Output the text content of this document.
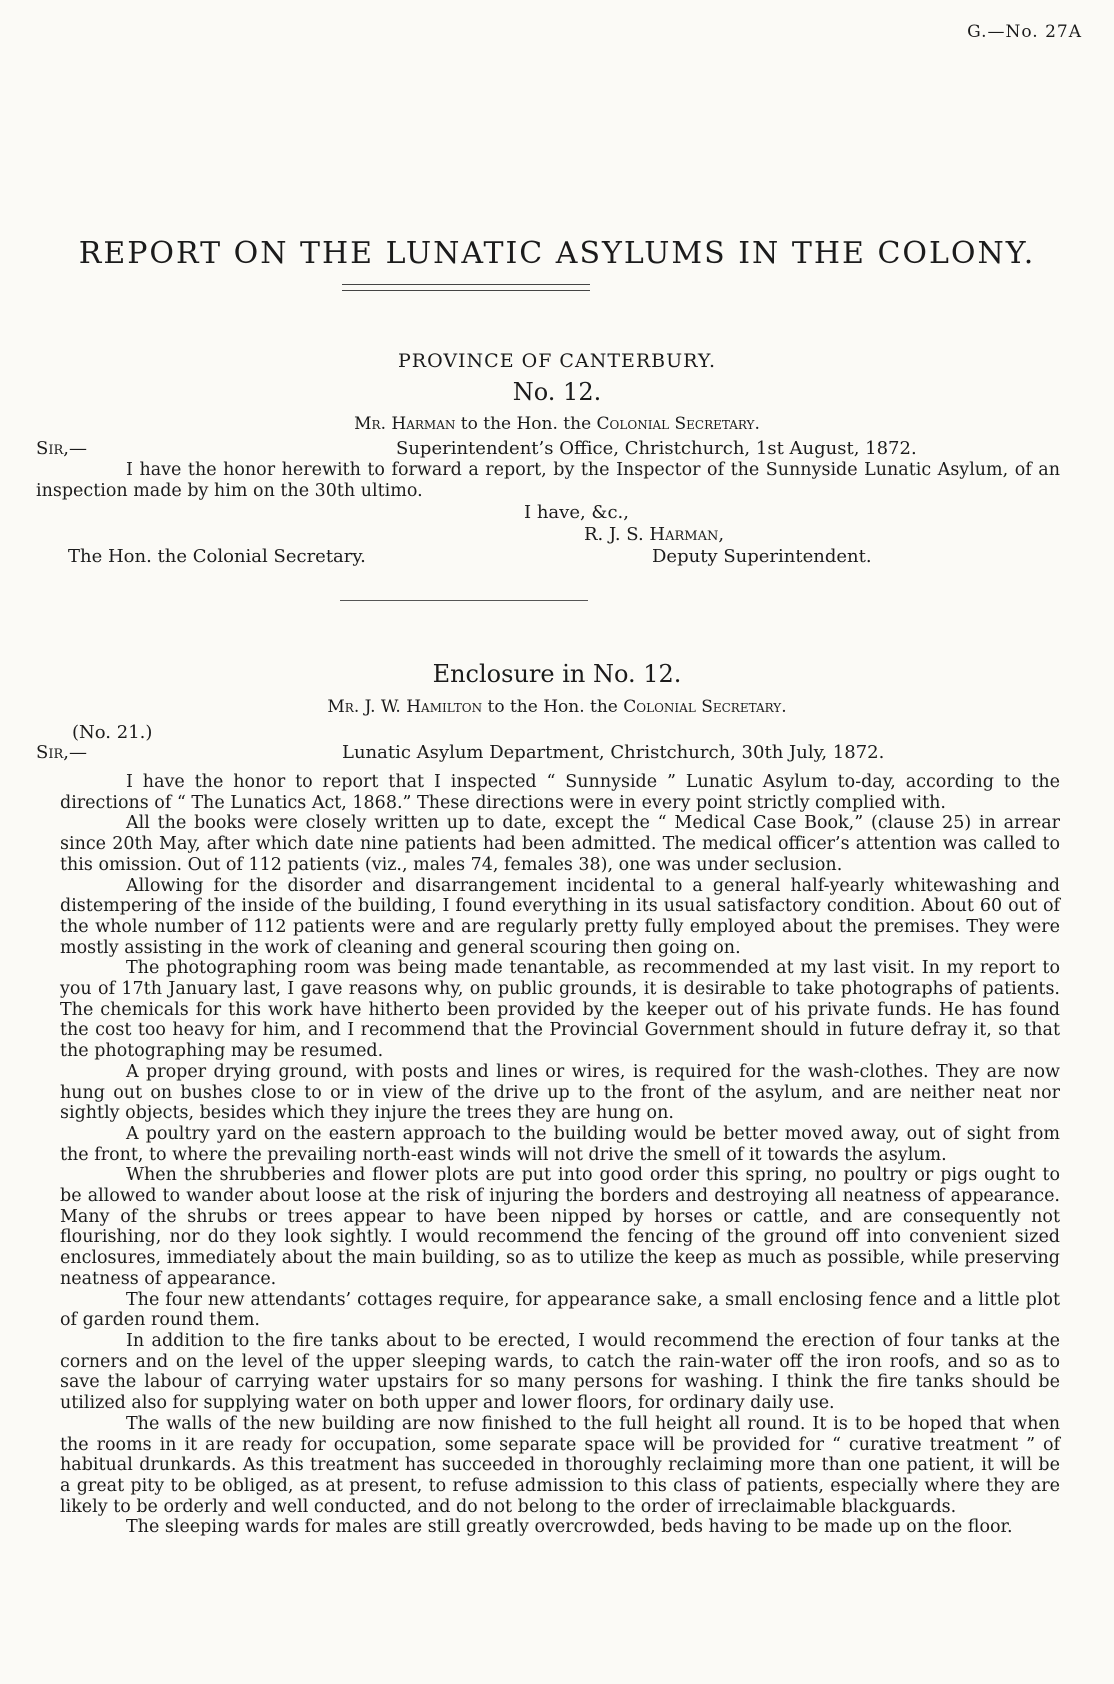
G.—No. 27A
REPORT ON THE LUNATIC ASYLUMS IN THE COLONY.
PROVINCE OF CANTERBURY.
No. 12.
Mr. Harman to the Hon. the Colonial Secretary.
Sir,—	Superintendent’s Office, Christchurch, 1st August, 1872.
I have the honor herewith to forward a report, by the Inspector of the Sunnyside Lunatic Asylum, of an inspection made by him on the 30th ultimo.
I have, &c.,
R. J. S. Harman,
The Hon. the Colonial Secretary.	Deputy Superintendent.
Enclosure in No. 12.
Mr. J. W. Hamilton to the Hon. the Colonial Secretary.
(No. 21.)
Sir,—	Lunatic Asylum Department, Christchurch, 30th July, 1872.

I have the honor to report that I inspected “ Sunnyside ” Lunatic Asylum to-day, according to the directions of “ The Lunatics Act, 1868.” These directions were in every point strictly complied with.

All the books were closely written up to date, except the “ Medical Case Book,” (clause 25) in arrear since 20th May, after which date nine patients had been admitted. The medical officer’s attention was called to this omission. Out of 112 patients (viz., males 74, females 38), one was under seclusion.

Allowing for the disorder and disarrangement incidental to a general half-yearly whitewashing and distempering of the inside of the building, I found everything in its usual satisfactory condition. About 60 out of the whole number of 112 patients were and are regularly pretty fully employed about the premises. They were mostly assisting in the work of cleaning and general scouring then going on.

The photographing room was being made tenantable, as recommended at my last visit. In my report to you of 17th January last, I gave reasons why, on public grounds, it is desirable to take photographs of patients. The chemicals for this work have hitherto been provided by the keeper out of his private funds. He has found the cost too heavy for him, and I recommend that the Provincial Government should in future defray it, so that the photographing may be resumed.

A proper drying ground, with posts and lines or wires, is required for the wash-clothes. They are now hung out on bushes close to or in view of the drive up to the front of the asylum, and are neither neat nor sightly objects, besides which they injure the trees they are hung on.

A poultry yard on the eastern approach to the building would be better moved away, out of sight from the front, to where the prevailing north-east winds will not drive the smell of it towards the asylum.

When the shrubberies and flower plots are put into good order this spring, no poultry or pigs ought to be allowed to wander about loose at the risk of injuring the borders and destroying all neatness of appearance. Many of the shrubs or trees appear to have been nipped by horses or cattle, and are consequently not flourishing, nor do they look sightly. I would recommend the fencing of the ground off into convenient sized enclosures, immediately about the main building, so as to utilize the keep as much as possible, while preserving neatness of appearance.

The four new attendants’ cottages require, for appearance sake, a small enclosing fence and a little plot of garden round them.

In addition to the fire tanks about to be erected, I would recommend the erection of four tanks at the corners and on the level of the upper sleeping wards, to catch the rain-water off the iron roofs, and so as to save the labour of carrying water upstairs for so many persons for washing. I think the fire tanks should be utilized also for supplying water on both upper and lower floors, for ordinary daily use.

The walls of the new building are now finished to the full height all round. It is to be hoped that when the rooms in it are ready for occupation, some separate space will be provided for “ curative treatment ” of habitual drunkards. As this treatment has succeeded in thoroughly reclaiming more than one patient, it will be a great pity to be obliged, as at present, to refuse admission to this class of patients, especially where they are likely to be orderly and well conducted, and do not belong to the order of irreclaimable blackguards.

The sleeping wards for males are still greatly overcrowded, beds having to be made up on the floor.
